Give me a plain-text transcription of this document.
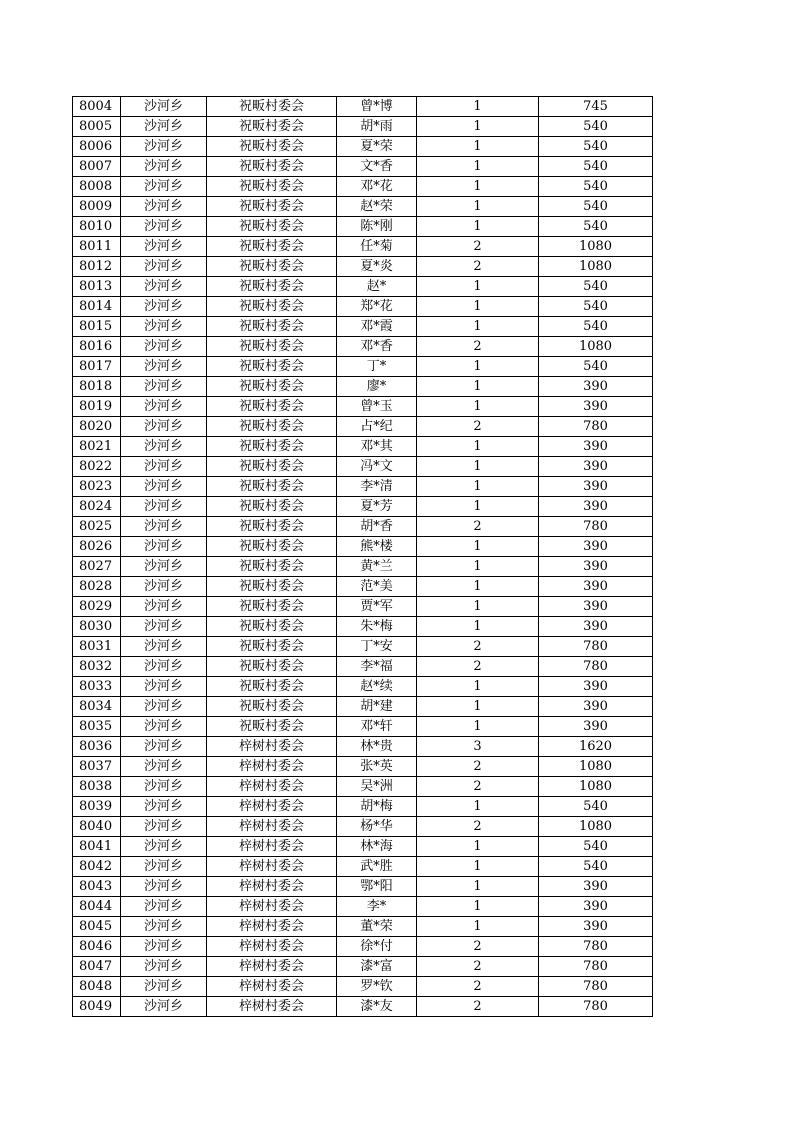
8004	沙河乡	祝畈村委会	曾*博	1	745
8005	沙河乡	祝畈村委会	胡*雨	1	540
8006	沙河乡	祝畈村委会	夏*荣	1	540
8007	沙河乡	祝畈村委会	文*香	1	540
8008	沙河乡	祝畈村委会	邓*花	1	540
8009	沙河乡	祝畈村委会	赵*荣	1	540
8010	沙河乡	祝畈村委会	陈*刚	1	540
8011	沙河乡	祝畈村委会	任*菊	2	1080
8012	沙河乡	祝畈村委会	夏*炎	2	1080
8013	沙河乡	祝畈村委会	赵*	1	540
8014	沙河乡	祝畈村委会	郑*花	1	540
8015	沙河乡	祝畈村委会	邓*霞	1	540
8016	沙河乡	祝畈村委会	邓*香	2	1080
8017	沙河乡	祝畈村委会	丁*	1	540
8018	沙河乡	祝畈村委会	廖*	1	390
8019	沙河乡	祝畈村委会	曾*玉	1	390
8020	沙河乡	祝畈村委会	占*纪	2	780
8021	沙河乡	祝畈村委会	邓*其	1	390
8022	沙河乡	祝畈村委会	冯*文	1	390
8023	沙河乡	祝畈村委会	李*清	1	390
8024	沙河乡	祝畈村委会	夏*芳	1	390
8025	沙河乡	祝畈村委会	胡*香	2	780
8026	沙河乡	祝畈村委会	熊*楼	1	390
8027	沙河乡	祝畈村委会	黄*兰	1	390
8028	沙河乡	祝畈村委会	范*美	1	390
8029	沙河乡	祝畈村委会	贾*军	1	390
8030	沙河乡	祝畈村委会	朱*梅	1	390
8031	沙河乡	祝畈村委会	丁*安	2	780
8032	沙河乡	祝畈村委会	李*福	2	780
8033	沙河乡	祝畈村委会	赵*续	1	390
8034	沙河乡	祝畈村委会	胡*建	1	390
8035	沙河乡	祝畈村委会	邓*轩	1	390
8036	沙河乡	梓树村委会	林*贵	3	1620
8037	沙河乡	梓树村委会	张*英	2	1080
8038	沙河乡	梓树村委会	吴*洲	2	1080
8039	沙河乡	梓树村委会	胡*梅	1	540
8040	沙河乡	梓树村委会	杨*华	2	1080
8041	沙河乡	梓树村委会	林*海	1	540
8042	沙河乡	梓树村委会	武*胜	1	540
8043	沙河乡	梓树村委会	鄂*阳	1	390
8044	沙河乡	梓树村委会	李*	1	390
8045	沙河乡	梓树村委会	董*荣	1	390
8046	沙河乡	梓树村委会	徐*付	2	780
8047	沙河乡	梓树村委会	漆*富	2	780
8048	沙河乡	梓树村委会	罗*钦	2	780
8049	沙河乡	梓树村委会	漆*友	2	780
